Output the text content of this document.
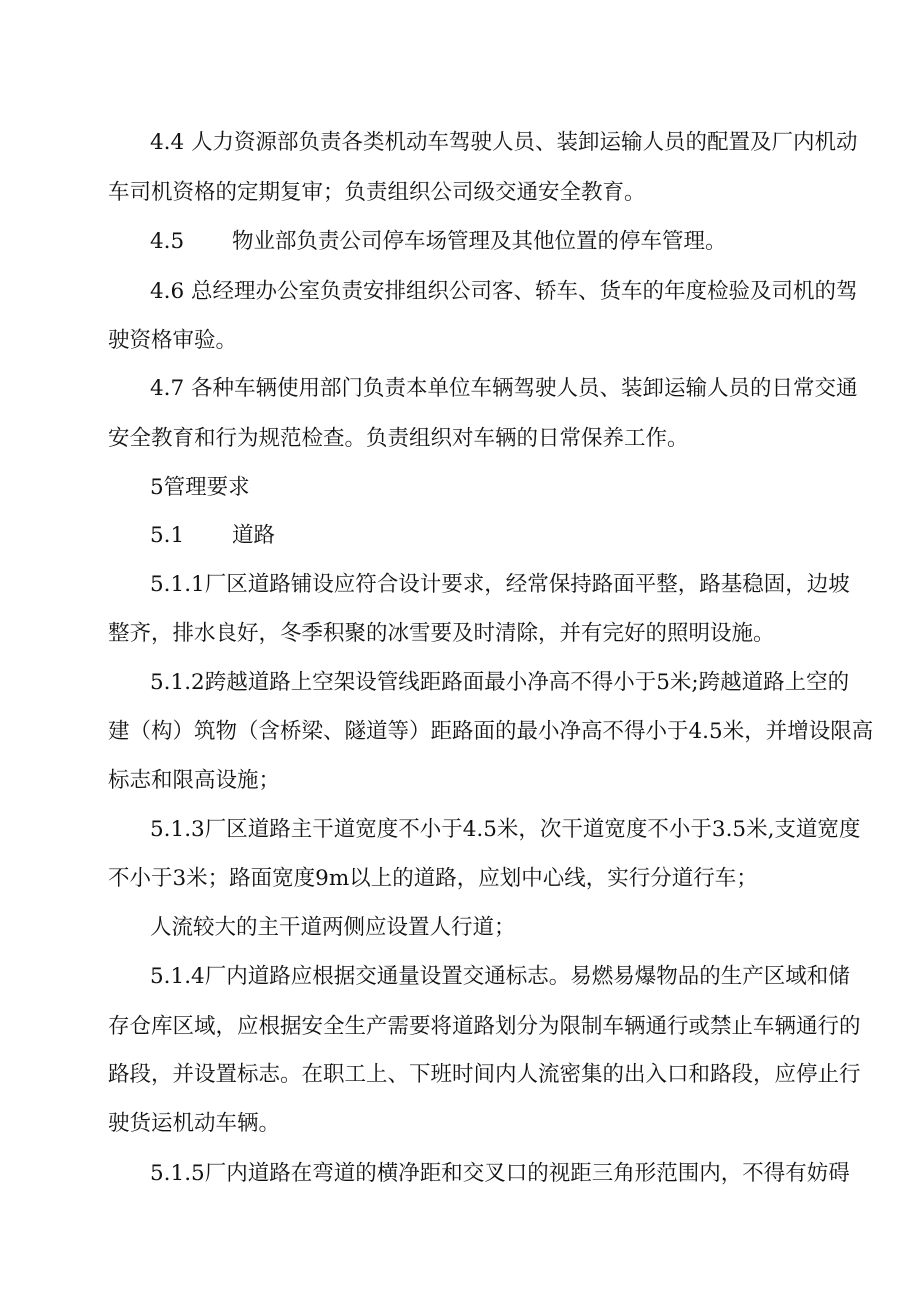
4.4 人力资源部负责各类机动车驾驶人员、装卸运输人员的配置及厂内机动
车司机资格的定期复审；负责组织公司级交通安全教育。
4.5 物业部负责公司停车场管理及其他位置的停车管理。
4.6 总经理办公室负责安排组织公司客、轿车、货车的年度检验及司机的驾
驶资格审验。
4.7 各种车辆使用部门负责本单位车辆驾驶人员、装卸运输人员的日常交通
安全教育和行为规范检查。负责组织对车辆的日常保养工作。
5管理要求
5.1 道路
5.1.1厂区道路铺设应符合设计要求，经常保持路面平整，路基稳固，边坡
整齐，排水良好，冬季积聚的冰雪要及时清除，并有完好的照明设施。
5.1.2跨越道路上空架设管线距路面最小净高不得小于5米;跨越道路上空的
建（构）筑物（含桥梁、隧道等）距路面的最小净高不得小于4.5米，并增设限高
标志和限高设施；
5.1.3厂区道路主干道宽度不小于4.5米，次干道宽度不小于3.5米,支道宽度
不小于3米；路面宽度9m以上的道路，应划中心线，实行分道行车；
人流较大的主干道两侧应设置人行道；
5.1.4厂内道路应根据交通量设置交通标志。易燃易爆物品的生产区域和储
存仓库区域，应根据安全生产需要将道路划分为限制车辆通行或禁止车辆通行的
路段，并设置标志。在职工上、下班时间内人流密集的出入口和路段，应停止行
驶货运机动车辆。
5.1.5厂内道路在弯道的横净距和交叉口的视距三角形范围内，不得有妨碍
